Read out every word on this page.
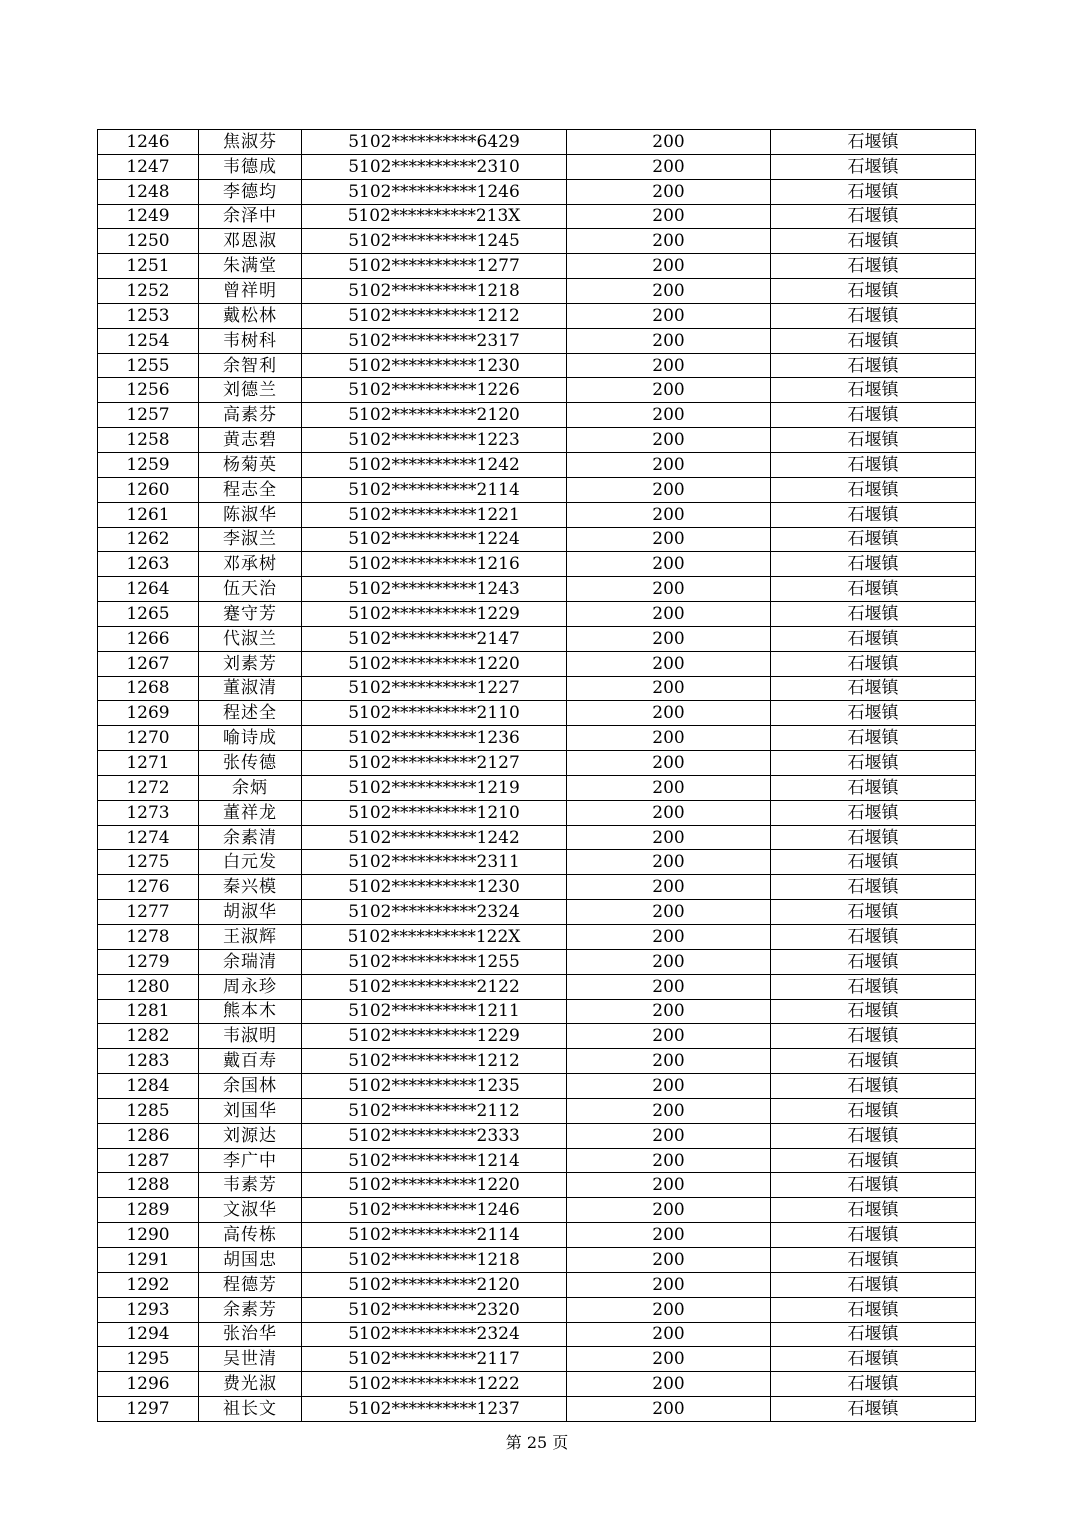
1246	焦淑芬	5102**********6429	200	石堰镇
1247	韦德成	5102**********2310	200	石堰镇
1248	李德均	5102**********1246	200	石堰镇
1249	余泽中	5102**********213X	200	石堰镇
1250	邓恩淑	5102**********1245	200	石堰镇
1251	朱满堂	5102**********1277	200	石堰镇
1252	曾祥明	5102**********1218	200	石堰镇
1253	戴松林	5102**********1212	200	石堰镇
1254	韦树科	5102**********2317	200	石堰镇
1255	余智利	5102**********1230	200	石堰镇
1256	刘德兰	5102**********1226	200	石堰镇
1257	高素芬	5102**********2120	200	石堰镇
1258	黄志碧	5102**********1223	200	石堰镇
1259	杨菊英	5102**********1242	200	石堰镇
1260	程志全	5102**********2114	200	石堰镇
1261	陈淑华	5102**********1221	200	石堰镇
1262	李淑兰	5102**********1224	200	石堰镇
1263	邓承树	5102**********1216	200	石堰镇
1264	伍天治	5102**********1243	200	石堰镇
1265	蹇守芳	5102**********1229	200	石堰镇
1266	代淑兰	5102**********2147	200	石堰镇
1267	刘素芳	5102**********1220	200	石堰镇
1268	董淑清	5102**********1227	200	石堰镇
1269	程述全	5102**********2110	200	石堰镇
1270	喻诗成	5102**********1236	200	石堰镇
1271	张传德	5102**********2127	200	石堰镇
1272	余炳	5102**********1219	200	石堰镇
1273	董祥龙	5102**********1210	200	石堰镇
1274	余素清	5102**********1242	200	石堰镇
1275	白元发	5102**********2311	200	石堰镇
1276	秦兴模	5102**********1230	200	石堰镇
1277	胡淑华	5102**********2324	200	石堰镇
1278	王淑辉	5102**********122X	200	石堰镇
1279	余瑞清	5102**********1255	200	石堰镇
1280	周永珍	5102**********2122	200	石堰镇
1281	熊本木	5102**********1211	200	石堰镇
1282	韦淑明	5102**********1229	200	石堰镇
1283	戴百寿	5102**********1212	200	石堰镇
1284	余国林	5102**********1235	200	石堰镇
1285	刘国华	5102**********2112	200	石堰镇
1286	刘源达	5102**********2333	200	石堰镇
1287	李广中	5102**********1214	200	石堰镇
1288	韦素芳	5102**********1220	200	石堰镇
1289	文淑华	5102**********1246	200	石堰镇
1290	高传栋	5102**********2114	200	石堰镇
1291	胡国忠	5102**********1218	200	石堰镇
1292	程德芳	5102**********2120	200	石堰镇
1293	余素芳	5102**********2320	200	石堰镇
1294	张治华	5102**********2324	200	石堰镇
1295	吴世清	5102**********2117	200	石堰镇
1296	费光淑	5102**********1222	200	石堰镇
1297	祖长文	5102**********1237	200	石堰镇
第 25 页
